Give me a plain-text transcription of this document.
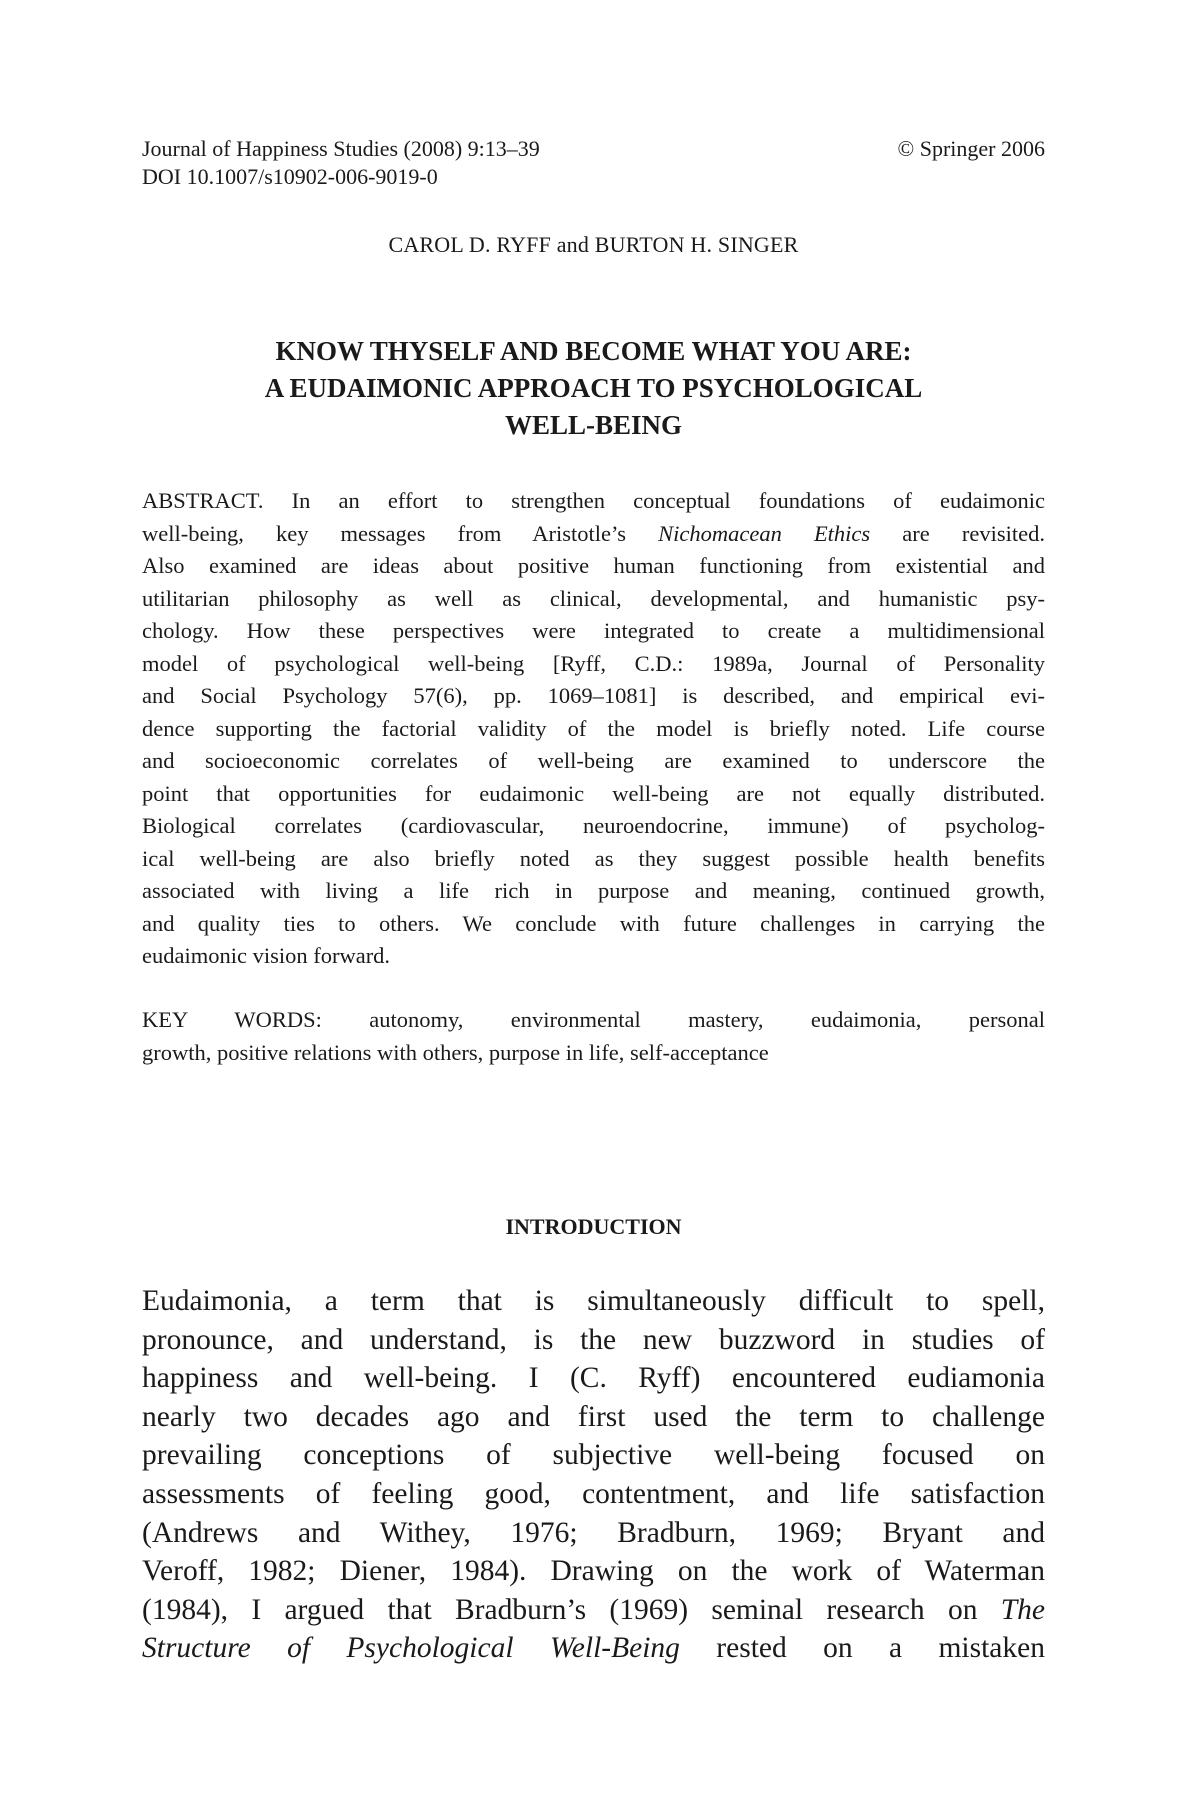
Journal of Happiness Studies (2008) 9:13–39
DOI 10.1007/s10902-006-9019-0
© Springer 2006
CAROL D. RYFF and BURTON H. SINGER
KNOW THYSELF AND BECOME WHAT YOU ARE:
A EUDAIMONIC APPROACH TO PSYCHOLOGICAL
WELL-BEING
ABSTRACT. In an effort to strengthen conceptual foundations of eudaimonic
well-being, key messages from Aristotle’s Nichomacean Ethics are revisited.
Also examined are ideas about positive human functioning from existential and
utilitarian philosophy as well as clinical, developmental, and humanistic psy-
chology. How these perspectives were integrated to create a multidimensional
model of psychological well-being [Ryff, C.D.: 1989a, Journal of Personality
and Social Psychology 57(6), pp. 1069–1081] is described, and empirical evi-
dence supporting the factorial validity of the model is briefly noted. Life course
and socioeconomic correlates of well-being are examined to underscore the
point that opportunities for eudaimonic well-being are not equally distributed.
Biological correlates (cardiovascular, neuroendocrine, immune) of psycholog-
ical well-being are also briefly noted as they suggest possible health benefits
associated with living a life rich in purpose and meaning, continued growth,
and quality ties to others. We conclude with future challenges in carrying the
eudaimonic vision forward.
KEY WORDS: autonomy, environmental mastery, eudaimonia, personal
growth, positive relations with others, purpose in life, self-acceptance
INTRODUCTION
Eudaimonia, a term that is simultaneously difficult to spell,
pronounce, and understand, is the new buzzword in studies of
happiness and well-being. I (C. Ryff) encountered eudiamonia
nearly two decades ago and first used the term to challenge
prevailing conceptions of subjective well-being focused on
assessments of feeling good, contentment, and life satisfaction
(Andrews and Withey, 1976; Bradburn, 1969; Bryant and
Veroff, 1982; Diener, 1984). Drawing on the work of Waterman
(1984), I argued that Bradburn’s (1969) seminal research on The
Structure of Psychological Well-Being rested on a mistaken
